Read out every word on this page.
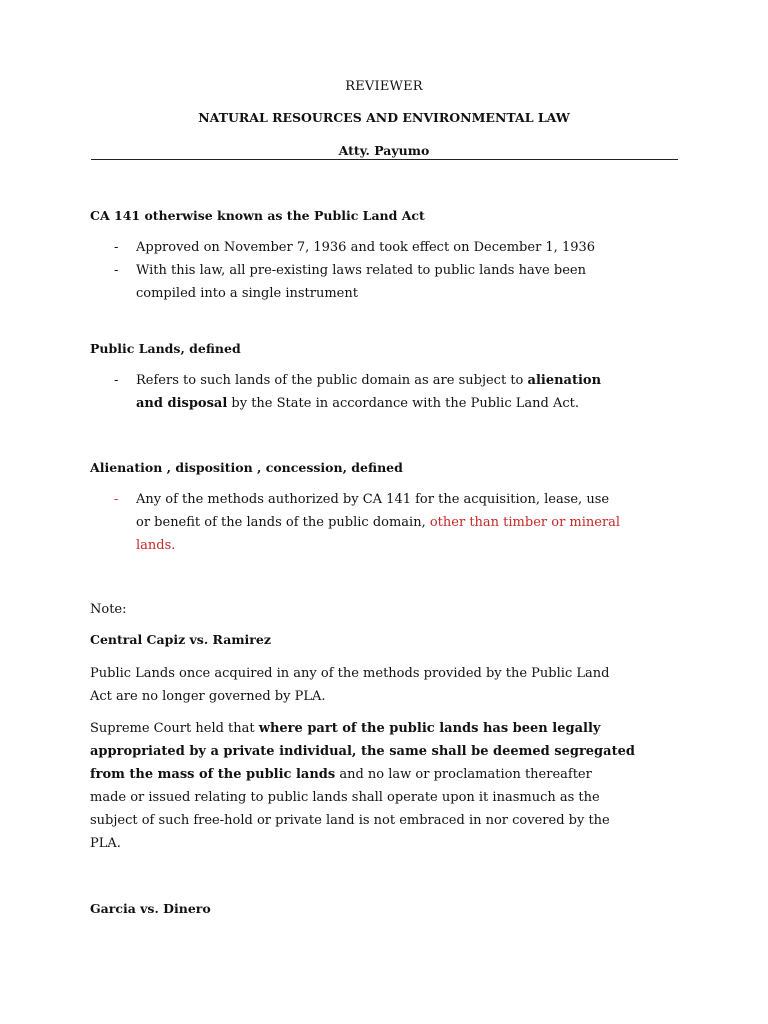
REVIEWER
NATURAL RESOURCES AND ENVIRONMENTAL LAW
Atty. Payumo
CA 141 otherwise known as the Public Land Act
- Approved on November 7, 1936 and took effect on December 1, 1936
- With this law, all pre-existing laws related to public lands have been
compiled into a single instrument
Public Lands, defined
- Refers to such lands of the public domain as are subject to alienation
and disposal by the State in accordance with the Public Land Act.
Alienation , disposition , concession, defined
- Any of the methods authorized by CA 141 for the acquisition, lease, use
or benefit of the lands of the public domain, other than timber or mineral
lands.
Note:
Central Capiz vs. Ramirez
Public Lands once acquired in any of the methods provided by the Public Land
Act are no longer governed by PLA.
Supreme Court held that where part of the public lands has been legally
appropriated by a private individual, the same shall be deemed segregated
from the mass of the public lands and no law or proclamation thereafter
made or issued relating to public lands shall operate upon it inasmuch as the
subject of such free-hold or private land is not embraced in nor covered by the
PLA.
Garcia vs. Dinero
